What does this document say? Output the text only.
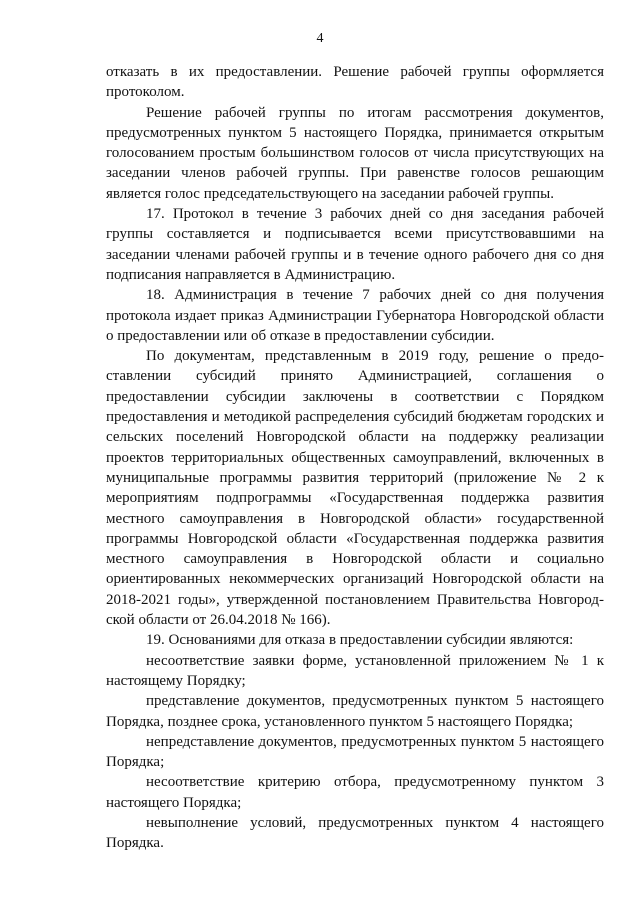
4

отказать в их предоставлении. Решение рабочей группы оформляется протоколом.

Решение рабочей группы по итогам рассмотрения документов, предусмотренных пунктом 5 настоящего Порядка, принимается открытым голосованием простым большинством голосов от числа присутствующих на заседании членов рабочей группы. При равенстве голосов решающим является голос председательствующего на заседании рабочей группы.

17. Протокол в течение 3 рабочих дней со дня заседания рабочей группы составляется и подписывается всеми присутствовавшими на заседании членами рабочей группы и в течение одного рабочего дня со дня подписания направляется в Администрацию.

18. Администрация в течение 7 рабочих дней со дня получения протокола издает приказ Администрации Губернатора Новгородской области о предоставлении или об отказе в предоставлении субсидии.

По документам, представленным в 2019 году, решение о предоставлении субсидий принято Администрацией, соглашения о предоставлении субсидии заключены в соответствии с Порядком предоставления и методикой распределения субсидий бюджетам городских и сельских поселений Новгородской области на поддержку реализации проектов территориальных общественных самоуправлений, включенных в муниципальные программы развития территорий (приложение № 2 к мероприятиям подпрограммы «Государственная поддержка развития местного самоуправления в Новгородской области» государственной программы Новгородской области «Государственная поддержка развития местного самоуправления в Новгородской области и социально ориентированных некоммерческих организаций Новгородской области на 2018-2021 годы», утвержденной постановлением Правительства Новгородской области от 26.04.2018 № 166).

19. Основаниями для отказа в предоставлении субсидии являются:

несоответствие заявки форме, установленной приложением № 1 к настоящему Порядку;

представление документов, предусмотренных пунктом 5 настоящего Порядка, позднее срока, установленного пунктом 5 настоящего Порядка;

непредставление документов, предусмотренных пунктом 5 настоящего Порядка;

несоответствие критерию отбора, предусмотренному пунктом 3 настоящего Порядка;

невыполнение условий, предусмотренных пунктом 4 настоящего Порядка.
